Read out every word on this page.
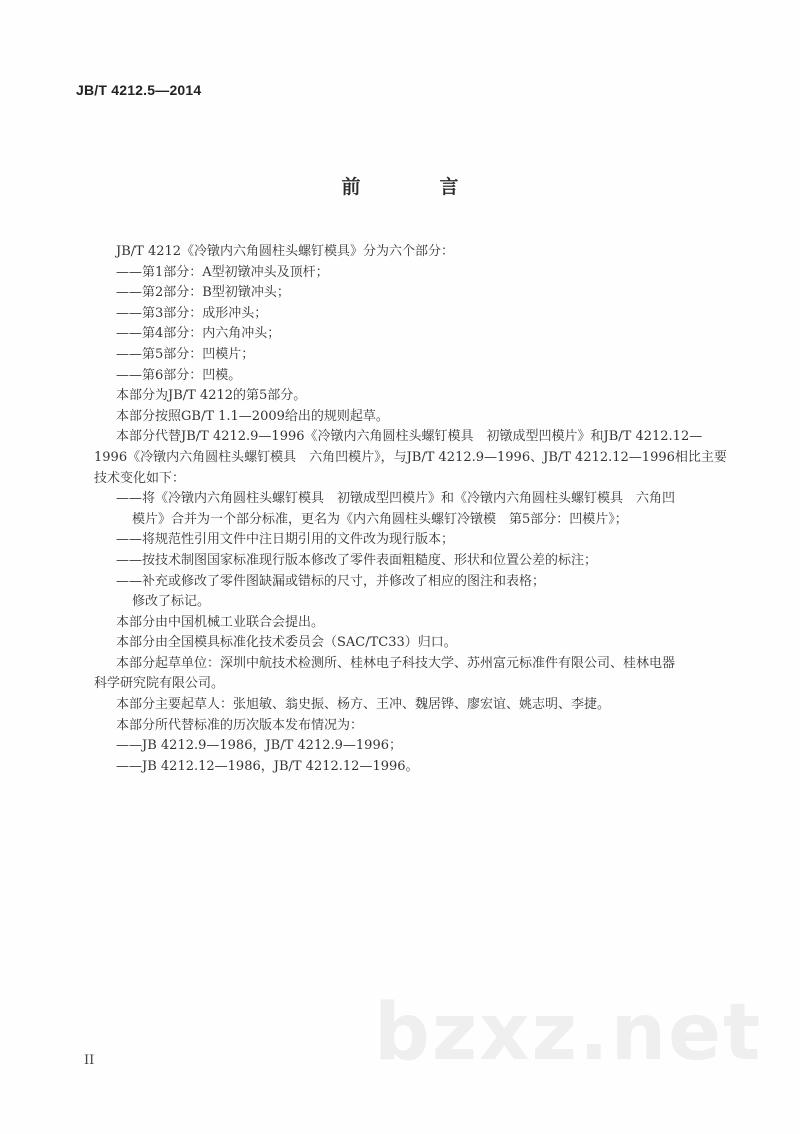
JB/T 4212.5—2014
前　言
JB/T 4212《冷镦内六角圆柱头螺钉模具》分为六个部分：
——第1部分：A型初镦冲头及顶杆；
——第2部分：B型初镦冲头；
——第3部分：成形冲头；
——第4部分：内六角冲头；
——第5部分：凹模片；
——第6部分：凹模。
本部分为JB/T 4212的第5部分。
本部分按照GB/T 1.1—2009给出的规则起草。
本部分代替JB/T 4212.9—1996《冷镦内六角圆柱头螺钉模具　初镦成型凹模片》和JB/T 4212.12—
1996《冷镦内六角圆柱头螺钉模具　六角凹模片》，与JB/T 4212.9—1996、JB/T 4212.12—1996相比主要
技术变化如下：
——将《冷镦内六角圆柱头螺钉模具　初镦成型凹模片》和《冷镦内六角圆柱头螺钉模具　六角凹
模片》合并为一个部分标准，更名为《内六角圆柱头螺钉冷镦模　第5部分：凹模片》；
——将规范性引用文件中注日期引用的文件改为现行版本；
——按技术制图国家标准现行版本修改了零件表面粗糙度、形状和位置公差的标注；
——补充或修改了零件图缺漏或错标的尺寸，并修改了相应的图注和表格；
修改了标记。
本部分由中国机械工业联合会提出。
本部分由全国模具标准化技术委员会（SAC/TC33）归口。
本部分起草单位：深圳中航技术检测所、桂林电子科技大学、苏州富元标准件有限公司、桂林电器
科学研究院有限公司。
本部分主要起草人：张旭敏、翁史振、杨方、王冲、魏居铧、廖宏谊、姚志明、李捷。
本部分所代替标准的历次版本发布情况为：
——JB 4212.9—1986，JB/T 4212.9—1996；
——JB 4212.12—1986，JB/T 4212.12—1996。
bzxz.net
II
